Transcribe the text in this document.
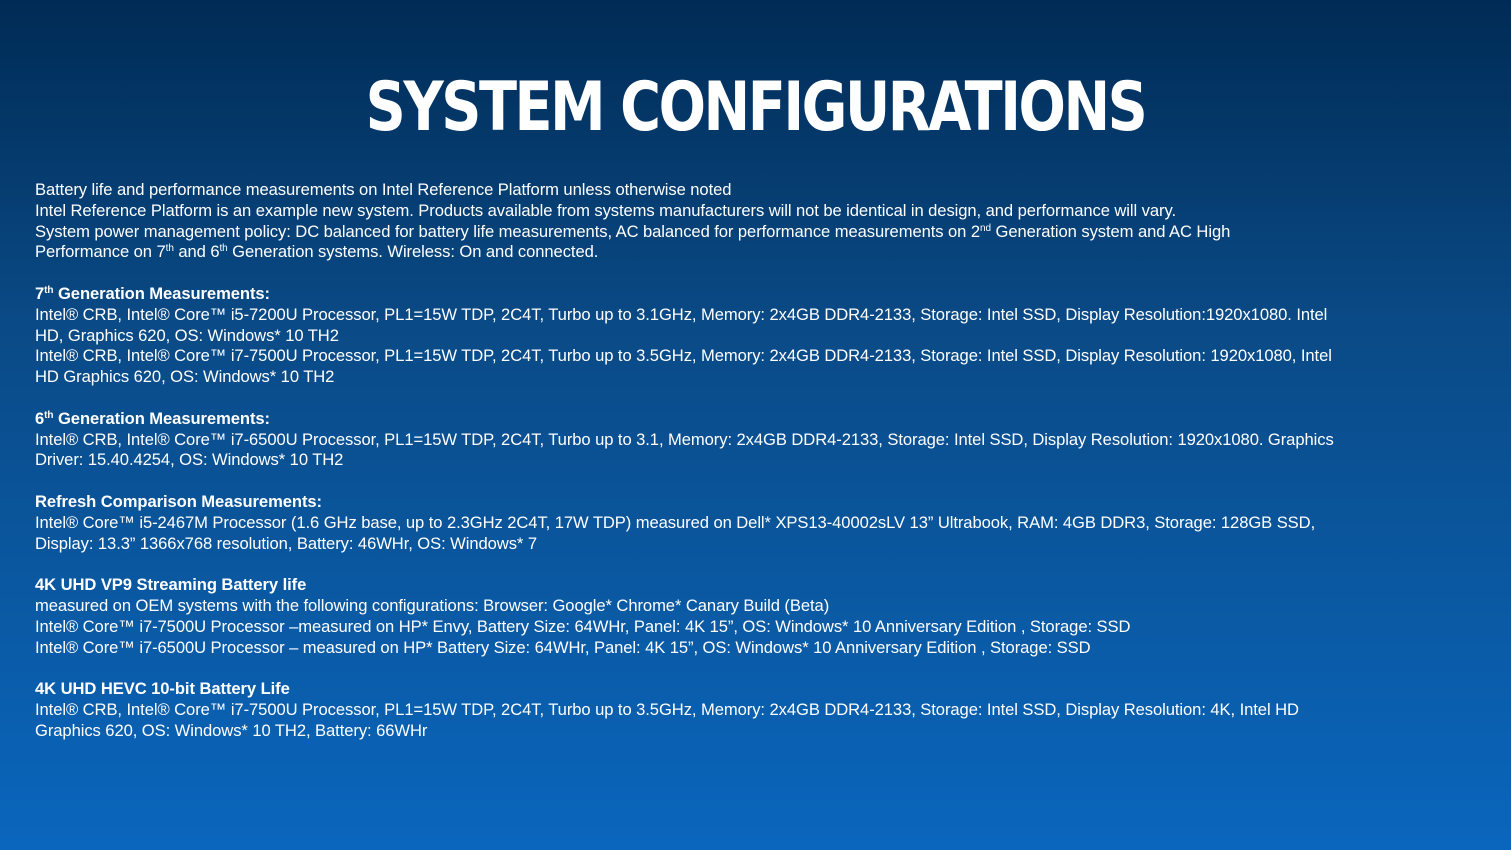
SYSTEM CONFIGURATIONS
Battery life and performance measurements on Intel Reference Platform unless otherwise noted
Intel Reference Platform is an example new system. Products available from systems manufacturers will not be identical in design, and performance will vary.
System power management policy: DC balanced for battery life measurements, AC balanced for performance measurements on 2nd Generation system and AC High
Performance on 7th and 6th Generation systems. Wireless: On and connected.
7th Generation Measurements:
Intel® CRB, Intel® Core™ i5-7200U Processor, PL1=15W TDP, 2C4T, Turbo up to 3.1GHz, Memory: 2x4GB DDR4-2133, Storage: Intel SSD, Display Resolution:1920x1080. Intel
HD, Graphics 620, OS: Windows* 10 TH2
Intel® CRB, Intel® Core™ i7-7500U Processor, PL1=15W TDP, 2C4T, Turbo up to 3.5GHz, Memory: 2x4GB DDR4-2133, Storage: Intel SSD, Display Resolution: 1920x1080, Intel
HD Graphics 620, OS: Windows* 10 TH2
6th Generation Measurements:
Intel® CRB, Intel® Core™ i7-6500U Processor, PL1=15W TDP, 2C4T, Turbo up to 3.1, Memory: 2x4GB DDR4-2133, Storage: Intel SSD, Display Resolution: 1920x1080. Graphics
Driver: 15.40.4254, OS: Windows* 10 TH2
Refresh Comparison Measurements:
Intel® Core™ i5-2467M Processor (1.6 GHz base, up to 2.3GHz 2C4T, 17W TDP) measured on Dell* XPS13-40002sLV 13” Ultrabook, RAM: 4GB DDR3, Storage: 128GB SSD,
Display: 13.3” 1366x768 resolution, Battery: 46WHr, OS: Windows* 7
4K UHD VP9 Streaming Battery life
measured on OEM systems with the following configurations: Browser: Google* Chrome* Canary Build (Beta)
Intel® Core™ i7-7500U Processor –measured on HP* Envy, Battery Size: 64WHr, Panel: 4K 15”, OS: Windows* 10 Anniversary Edition , Storage: SSD
Intel® Core™ i7-6500U Processor – measured on HP* Battery Size: 64WHr, Panel: 4K 15”, OS: Windows* 10 Anniversary Edition , Storage: SSD
4K UHD HEVC 10-bit Battery Life
Intel® CRB, Intel® Core™ i7-7500U Processor, PL1=15W TDP, 2C4T, Turbo up to 3.5GHz, Memory: 2x4GB DDR4-2133, Storage: Intel SSD, Display Resolution: 4K, Intel HD
Graphics 620, OS: Windows* 10 TH2, Battery: 66WHr
